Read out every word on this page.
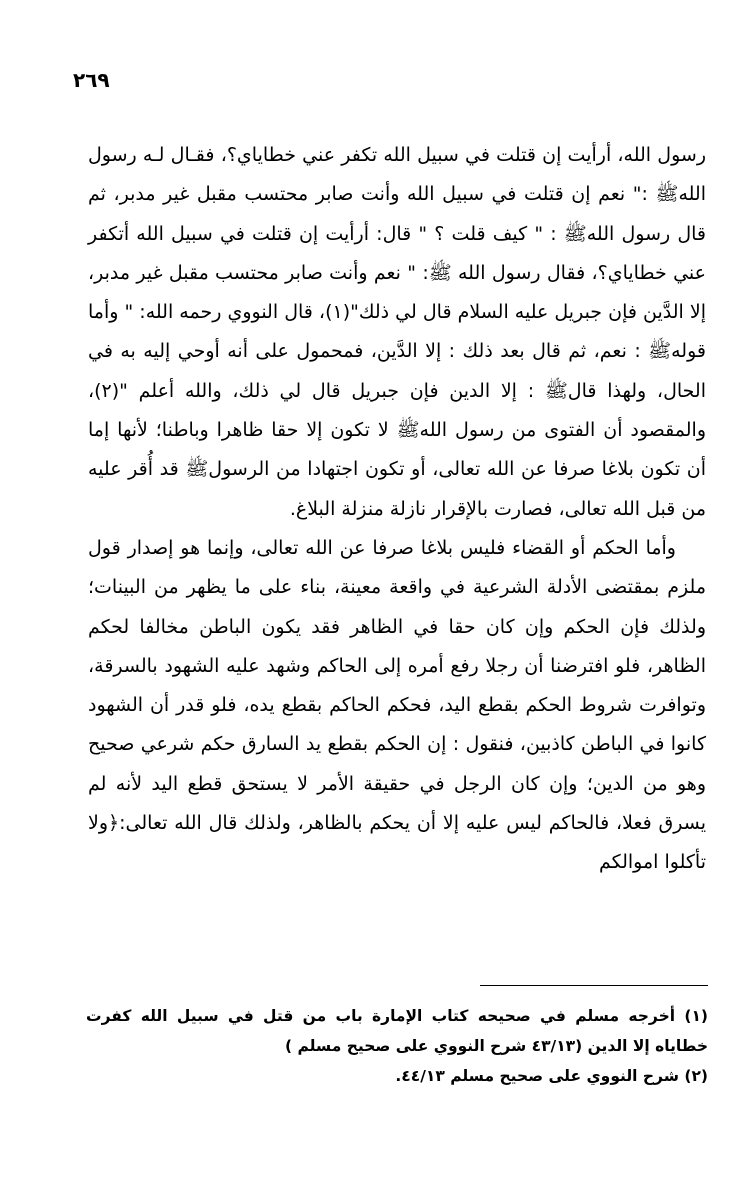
٢٦٩

رسول الله، أرأيت إن قتلت في سبيل الله تكفر عني خطاياي؟، فقـال لـه رسول اللهﷺ :" نعم إن قتلت في سبيل الله وأنت صابر محتسب مقبل غير مدبر، ثم قال رسول اللهﷺ : " كيف قلت ؟ " قال: أرأيت إن قتلت في سبيل الله أتكفر عني خطاياي؟، فقال رسول الله ﷺ: " نعم وأنت صابر محتسب مقبل غير مدبر، إلا الدَّين فإن جبريل عليه السلام قال لي ذلك"(١)، قال النووي رحمه الله: " وأما قولهﷺ : نعم، ثم قال بعد ذلك : إلا الدَّين، فمحمول على أنه أوحي إليه به في الحال، ولهذا قالﷺ : إلا الدين فإن جبريل قال لي ذلك، والله أعلم "(٢)، والمقصود أن الفتوى من رسول اللهﷺ لا تكون إلا حقا ظاهرا وباطنا؛ لأنها إما أن تكون بلاغا صرفا عن الله تعالى، أو تكون اجتهادا من الرسولﷺ قد أُقر عليه من قبل الله تعالى، فصارت بالإقرار نازلة منزلة البلاغ.

وأما الحكم أو القضاء فليس بلاغا صرفا عن الله تعالى، وإنما هو إصدار قول ملزم بمقتضى الأدلة الشرعية في واقعة معينة، بناء على ما يظهر من البينات؛ ولذلك فإن الحكم وإن كان حقا في الظاهر فقد يكون الباطن مخالفا لحكم الظاهر، فلو افترضنا أن رجلا رفع أمره إلى الحاكم وشهد عليه الشهود بالسرقة، وتوافرت شروط الحكم بقطع اليد، فحكم الحاكم بقطع يده، فلو قدر أن الشهود كانوا في الباطن كاذبين، فنقول : إن الحكم بقطع يد السارق حكم شرعي صحيح وهو من الدين؛ وإن كان الرجل في حقيقة الأمر لا يستحق قطع اليد لأنه لم يسرق فعلا، فالحاكم ليس عليه إلا أن يحكم بالظاهر، ولذلك قال الله تعالى:﴿ولا تأكلوا اموالكم

(١) أخرجه مسلم في صحيحه كتاب الإمارة باب من قتل في سبيل الله كفرت خطاياه إلا الدين (٤٣/١٣ شرح النووي على صحيح مسلم )

(٢) شرح النووي على صحيح مسلم ٤٤/١٣.
